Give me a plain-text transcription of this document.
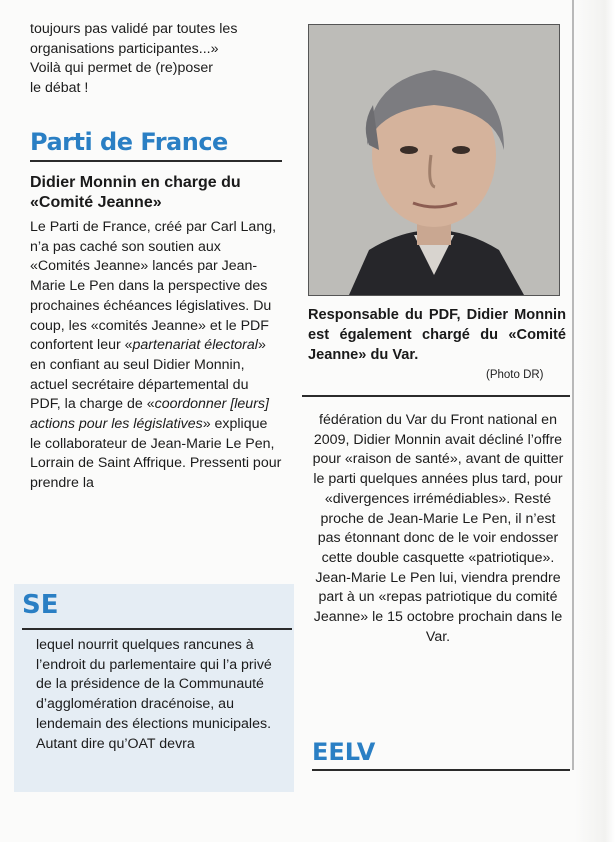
toujours pas validé par toutes les

organisations participantes...»

Voilà qui permet de (re)poser

le débat !

Parti de France
Didier Monnin en charge du «Comité Jeanne»

Le Parti de France, créé par Carl Lang, n’a pas caché son soutien aux «Comités Jeanne» lancés par Jean-Marie Le Pen dans la perspective des prochaines échéances législatives. Du coup, les «comités Jeanne» et le PDF confortent leur «partenariat électoral» en confiant au seul Didier Monnin, actuel secrétaire départemental du PDF, la charge de «coordonner [leurs] actions pour les législatives» explique le collaborateur de Jean-Marie Le Pen, Lorrain de Saint Affrique. Pressenti pour prendre la

SE

lequel nourrit quelques rancunes à l’endroit du parlementaire qui l’a privé de la présidence de la Communauté d’agglomération dracénoise, au lendemain des élections municipales. Autant dire qu’OAT devra

Responsable du PDF, Didier Monnin est également chargé du «Comité Jeanne» du Var.
(Photo DR)

fédération du Var du Front national en 2009, Didier Monnin avait décliné l’offre pour «raison de santé», avant de quitter le parti quelques années plus tard, pour «divergences irrémédiables». Resté proche de Jean-Marie Le Pen, il n’est pas étonnant donc de le voir endosser cette double casquette «patriotique». Jean-Marie Le Pen lui, viendra prendre part à un «repas patriotique du comité Jeanne» le 15 octobre prochain dans le Var.

EELV
